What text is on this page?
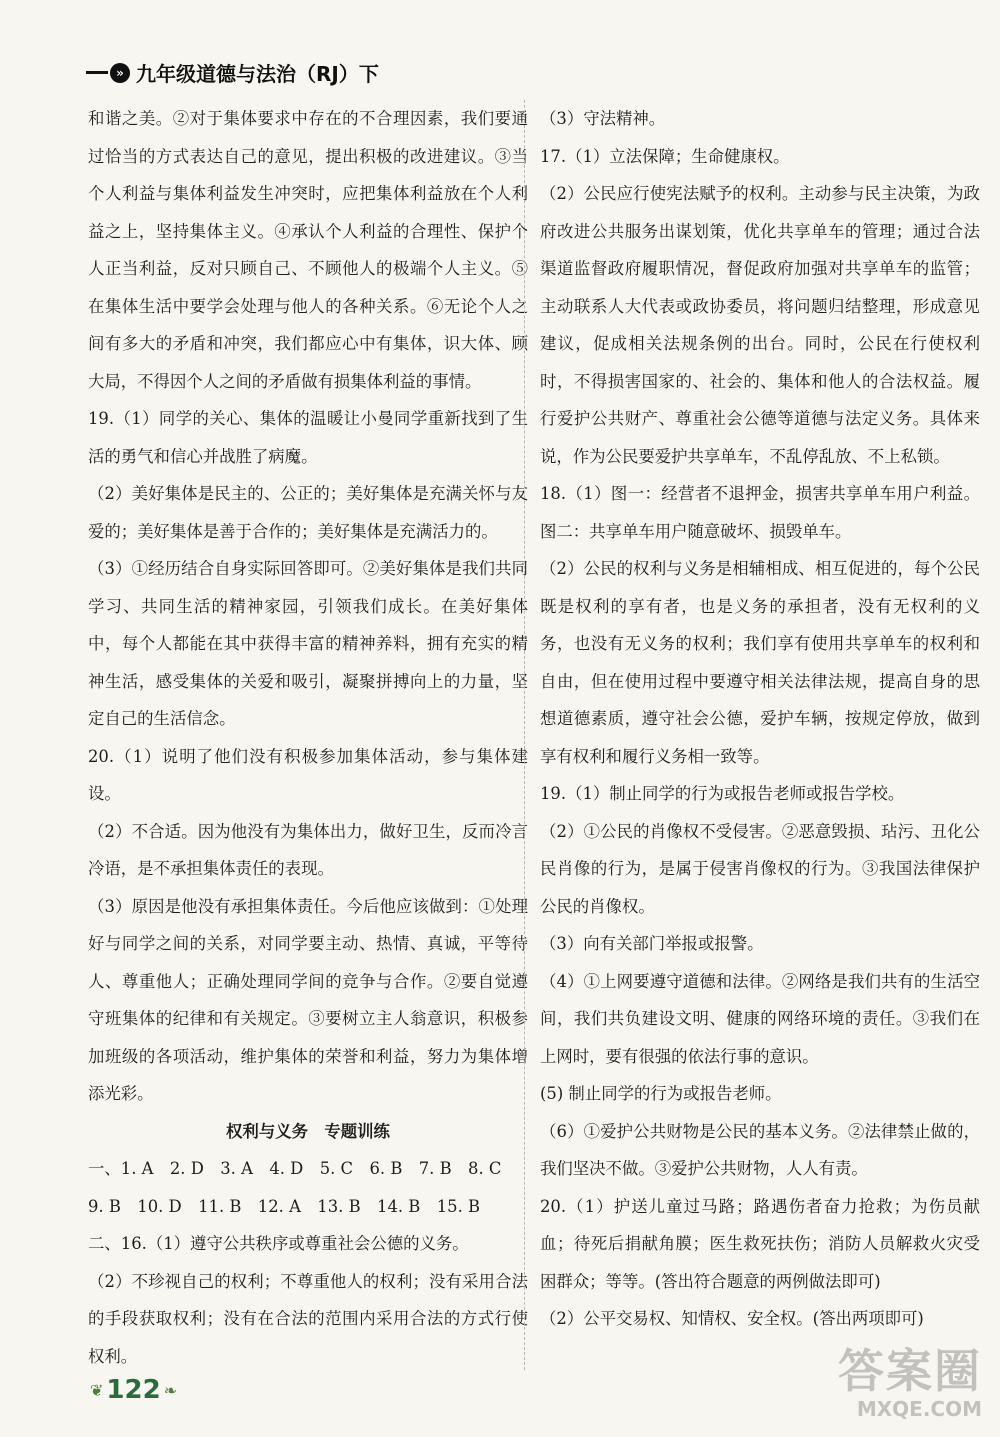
» 九年级道德与法治（RJ）下

和谐之美。②对于集体要求中存在的不合理因素，我们要通过恰当的方式表达自己的意见，提出积极的改进建议。③当个人利益与集体利益发生冲突时，应把集体利益放在个人利益之上，坚持集体主义。④承认个人利益的合理性、保护个人正当利益，反对只顾自己、不顾他人的极端个人主义。⑤在集体生活中要学会处理与他人的各种关系。⑥无论个人之间有多大的矛盾和冲突，我们都应心中有集体，识大体、顾大局，不得因个人之间的矛盾做有损集体利益的事情。

19.（1）同学的关心、集体的温暖让小曼同学重新找到了生活的勇气和信心并战胜了病魔。

（2）美好集体是民主的、公正的；美好集体是充满关怀与友爱的；美好集体是善于合作的；美好集体是充满活力的。

（3）①经历结合自身实际回答即可。②美好集体是我们共同学习、共同生活的精神家园，引领我们成长。在美好集体中，每个人都能在其中获得丰富的精神养料，拥有充实的精神生活，感受集体的关爱和吸引，凝聚拼搏向上的力量，坚定自己的生活信念。

20.（1）说明了他们没有积极参加集体活动，参与集体建设。

（2）不合适。因为他没有为集体出力，做好卫生，反而冷言冷语，是不承担集体责任的表现。

（3）原因是他没有承担集体责任。今后他应该做到：①处理好与同学之间的关系，对同学要主动、热情、真诚，平等待人、尊重他人；正确处理同学间的竞争与合作。②要自觉遵守班集体的纪律和有关规定。③要树立主人翁意识，积极参加班级的各项活动，维护集体的荣誉和利益，努力为集体增添光彩。

权利与义务　专题训练

一、1. A　2. D　3. A　4. D　5. C　6. B　7. B　8. C

9. B　10. D　11. B　12. A　13. B　14. B　15. B

二、16.（1）遵守公共秩序或尊重社会公德的义务。

（2）不珍视自己的权利；不尊重他人的权利；没有采用合法的手段获取权利；没有在合法的范围内采用合法的方式行使权利。

（3）守法精神。

17.（1）立法保障；生命健康权。

（2）公民应行使宪法赋予的权利。主动参与民主决策，为政府改进公共服务出谋划策，优化共享单车的管理；通过合法渠道监督政府履职情况，督促政府加强对共享单车的监管；主动联系人大代表或政协委员，将问题归结整理，形成意见建议，促成相关法规条例的出台。同时，公民在行使权利时，不得损害国家的、社会的、集体和他人的合法权益。履行爱护公共财产、尊重社会公德等道德与法定义务。具体来说，作为公民要爱护共享单车，不乱停乱放、不上私锁。

18.（1）图一：经营者不退押金，损害共享单车用户利益。图二：共享单车用户随意破坏、损毁单车。

（2）公民的权利与义务是相辅相成、相互促进的，每个公民既是权利的享有者，也是义务的承担者，没有无权利的义务，也没有无义务的权利；我们享有使用共享单车的权利和自由，但在使用过程中要遵守相关法律法规，提高自身的思想道德素质，遵守社会公德，爱护车辆，按规定停放，做到享有权利和履行义务相一致等。

19.（1）制止同学的行为或报告老师或报告学校。

（2）①公民的肖像权不受侵害。②恶意毁损、玷污、丑化公民肖像的行为，是属于侵害肖像权的行为。③我国法律保护公民的肖像权。

（3）向有关部门举报或报警。

（4）①上网要遵守道德和法律。②网络是我们共有的生活空间，我们共负建设文明、健康的网络环境的责任。③我们在上网时，要有很强的依法行事的意识。

(5) 制止同学的行为或报告老师。

（6）①爱护公共财物是公民的基本义务。②法律禁止做的，我们坚决不做。③爱护公共财物，人人有责。

20.（1）护送儿童过马路；路遇伤者奋力抢救；为伤员献血；待死后捐献角膜；医生救死扶伤；消防人员解救火灾受困群众；等等。(答出符合题意的两例做法即可)

（2）公平交易权、知情权、安全权。(答出两项即可)

❦ 122 ❧	答案圈
MXQE.COM
